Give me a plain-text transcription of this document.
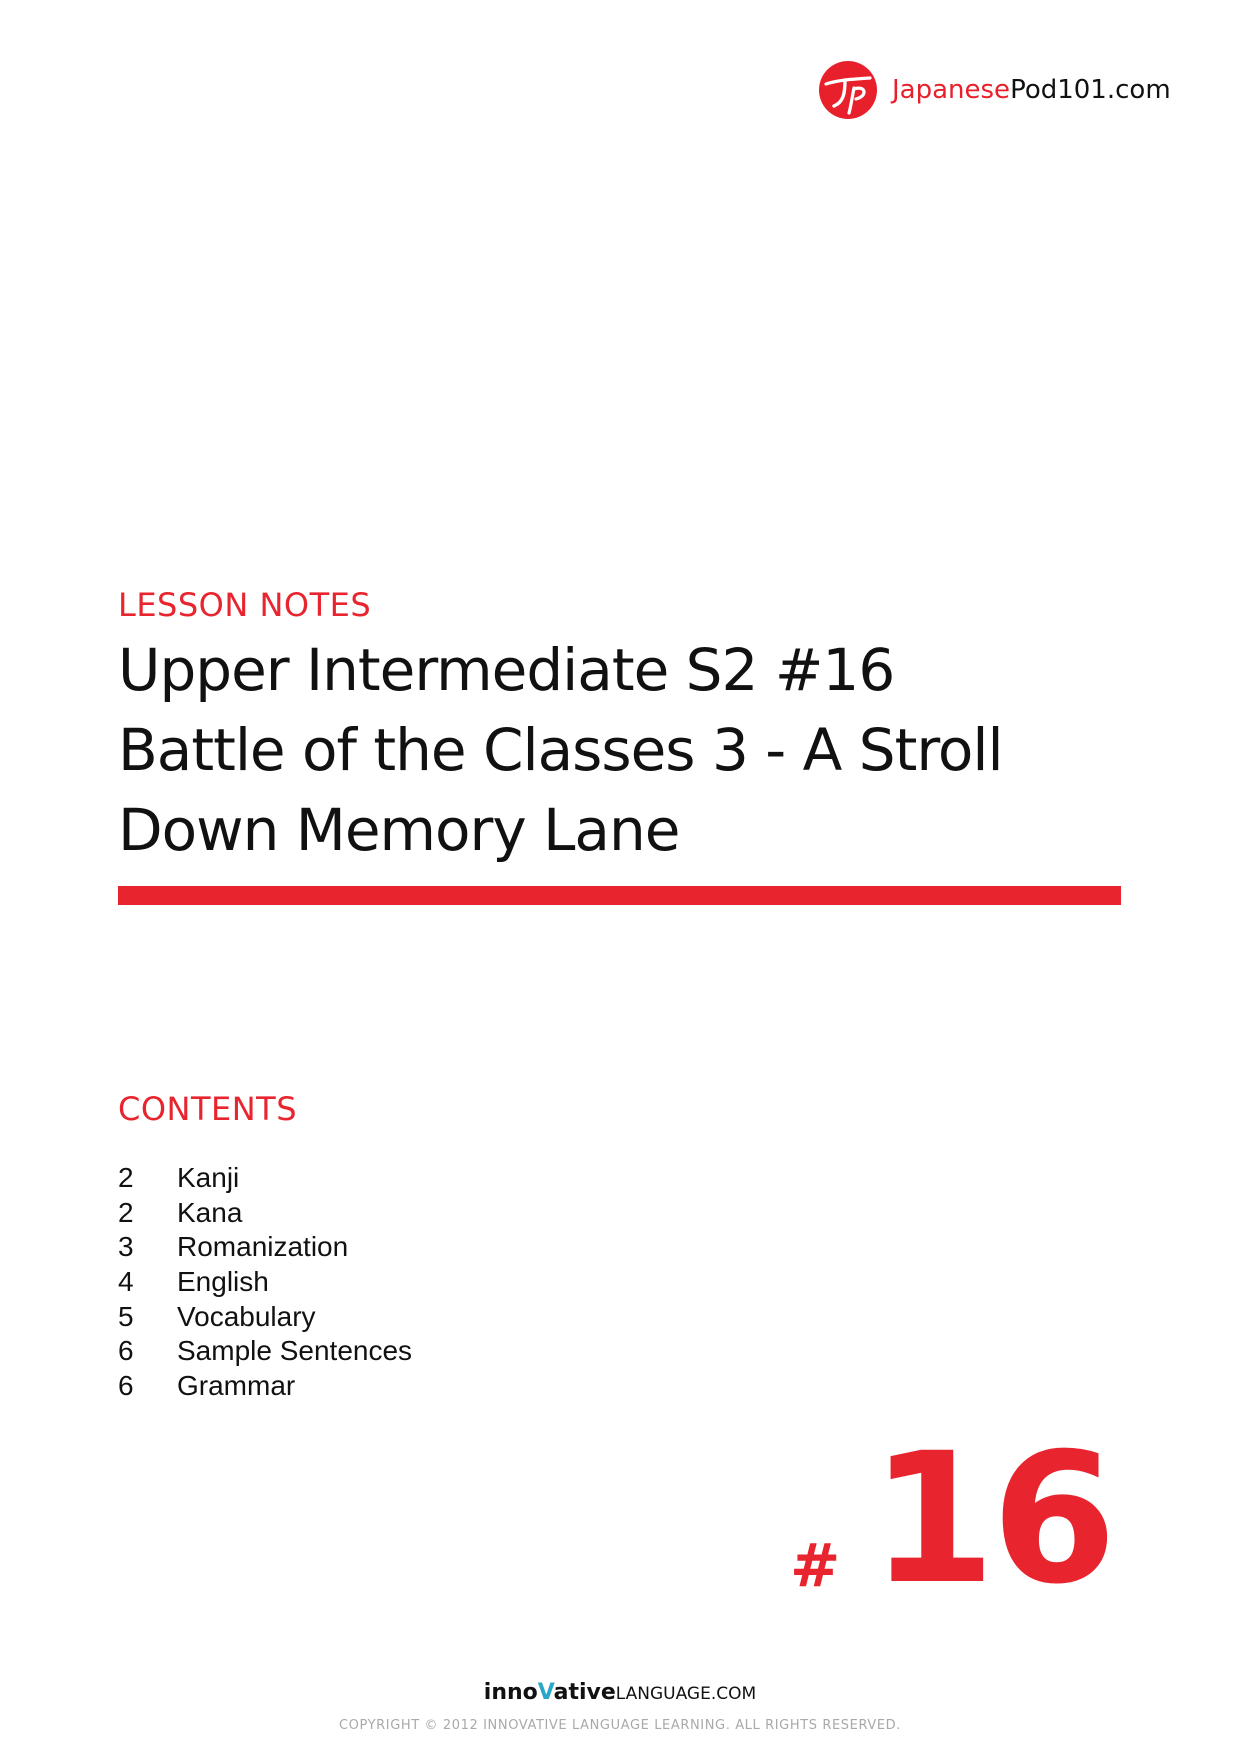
JapanesePod101.com
LESSON NOTES
Upper Intermediate S2 #16
Battle of the Classes 3 - A Stroll
Down Memory Lane
CONTENTS
2	Kanji
2	Kana
3	Romanization
4	English
5	Vocabulary
6	Sample Sentences
6	Grammar
# 16
innoVativeLANGUAGE.COM
COPYRIGHT © 2012 INNOVATIVE LANGUAGE LEARNING. ALL RIGHTS RESERVED.
